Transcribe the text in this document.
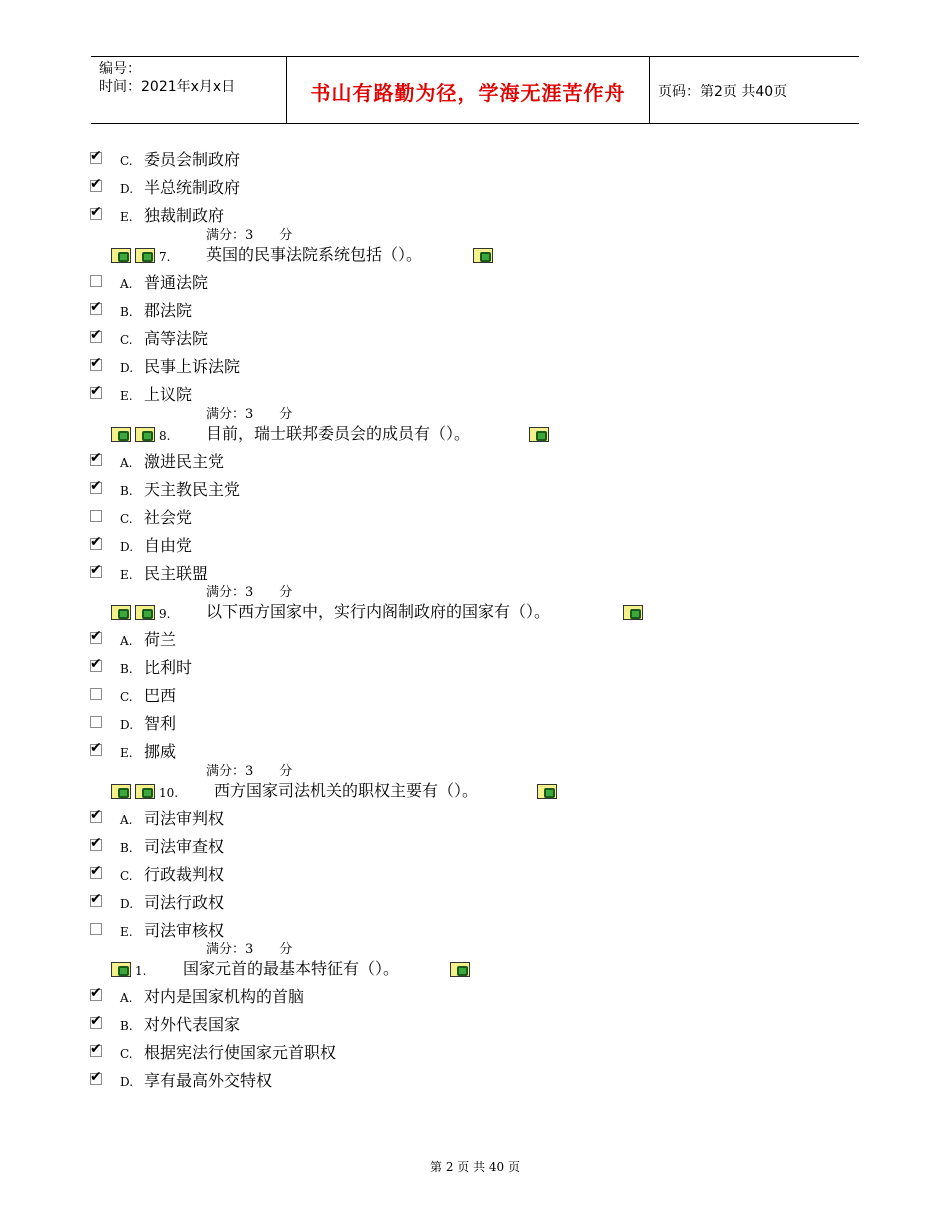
编号：
时间：2021年x月x日	书山有路勤为径，学海无涯苦作舟	页码：第2页 共40页
✔ C. 委员会制政府
✔ D. 半总统制政府
✔ E. 独裁制政府
满分：3 分
7. 英国的民事法院系统包括（）。
A. 普通法院
✔ B. 郡法院
✔ C. 高等法院
✔ D. 民事上诉法院
✔ E. 上议院
满分：3 分
8. 目前，瑞士联邦委员会的成员有（）。
✔ A. 激进民主党
✔ B. 天主教民主党
C. 社会党
✔ D. 自由党
✔ E. 民主联盟
满分：3 分
9. 以下西方国家中，实行内阁制政府的国家有（）。
✔ A. 荷兰
✔ B. 比利时
C. 巴西
D. 智利
✔ E. 挪威
满分：3 分
10. 西方国家司法机关的职权主要有（）。
✔ A. 司法审判权
✔ B. 司法审查权
✔ C. 行政裁判权
✔ D. 司法行政权
E. 司法审核权
满分：3 分
1. 国家元首的最基本特征有（）。
✔ A. 对内是国家机构的首脑
✔ B. 对外代表国家
✔ C. 根据宪法行使国家元首职权
✔ D. 享有最高外交特权
第 2 页 共 40 页
